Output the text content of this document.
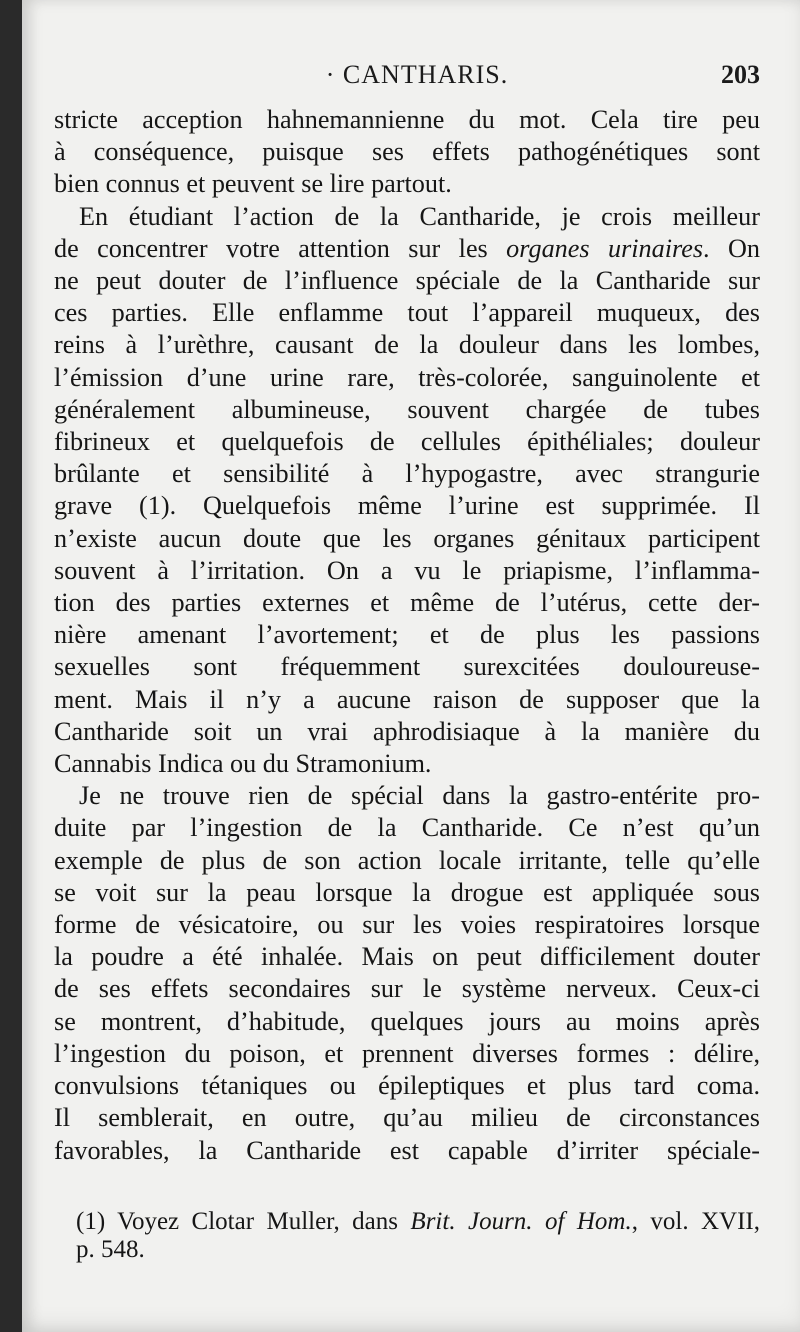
· CANTHARIS.	203
stricte acception hahnemannienne du mot. Cela tire peu
à conséquence, puisque ses effets pathogénétiques sont
bien connus et peuvent se lire partout.
En étudiant l’action de la Cantharide, je crois meilleur
de concentrer votre attention sur les organes urinaires. On
ne peut douter de l’influence spéciale de la Cantharide sur
ces parties. Elle enflamme tout l’appareil muqueux, des
reins à l’urèthre, causant de la douleur dans les lombes,
l’émission d’une urine rare, très-colorée, sanguinolente et
généralement albumineuse, souvent chargée de tubes
fibrineux et quelquefois de cellules épithéliales; douleur
brûlante et sensibilité à l’hypogastre, avec strangurie
grave (1). Quelquefois même l’urine est supprimée. Il
n’existe aucun doute que les organes génitaux participent
souvent à l’irritation. On a vu le priapisme, l’inflamma-
tion des parties externes et même de l’utérus, cette der-
nière amenant l’avortement; et de plus les passions
sexuelles sont fréquemment surexcitées douloureuse-
ment. Mais il n’y a aucune raison de supposer que la
Cantharide soit un vrai aphrodisiaque à la manière du
Cannabis Indica ou du Stramonium.
Je ne trouve rien de spécial dans la gastro-entérite pro-
duite par l’ingestion de la Cantharide. Ce n’est qu’un
exemple de plus de son action locale irritante, telle qu’elle
se voit sur la peau lorsque la drogue est appliquée sous
forme de vésicatoire, ou sur les voies respiratoires lorsque
la poudre a été inhalée. Mais on peut difficilement douter
de ses effets secondaires sur le système nerveux. Ceux-ci
se montrent, d’habitude, quelques jours au moins après
l’ingestion du poison, et prennent diverses formes : délire,
convulsions tétaniques ou épileptiques et plus tard coma.
Il semblerait, en outre, qu’au milieu de circonstances
favorables, la Cantharide est capable d’irriter spéciale-
(1) Voyez Clotar Muller, dans Brit. Journ. of Hom., vol. XVII,
p. 548.
